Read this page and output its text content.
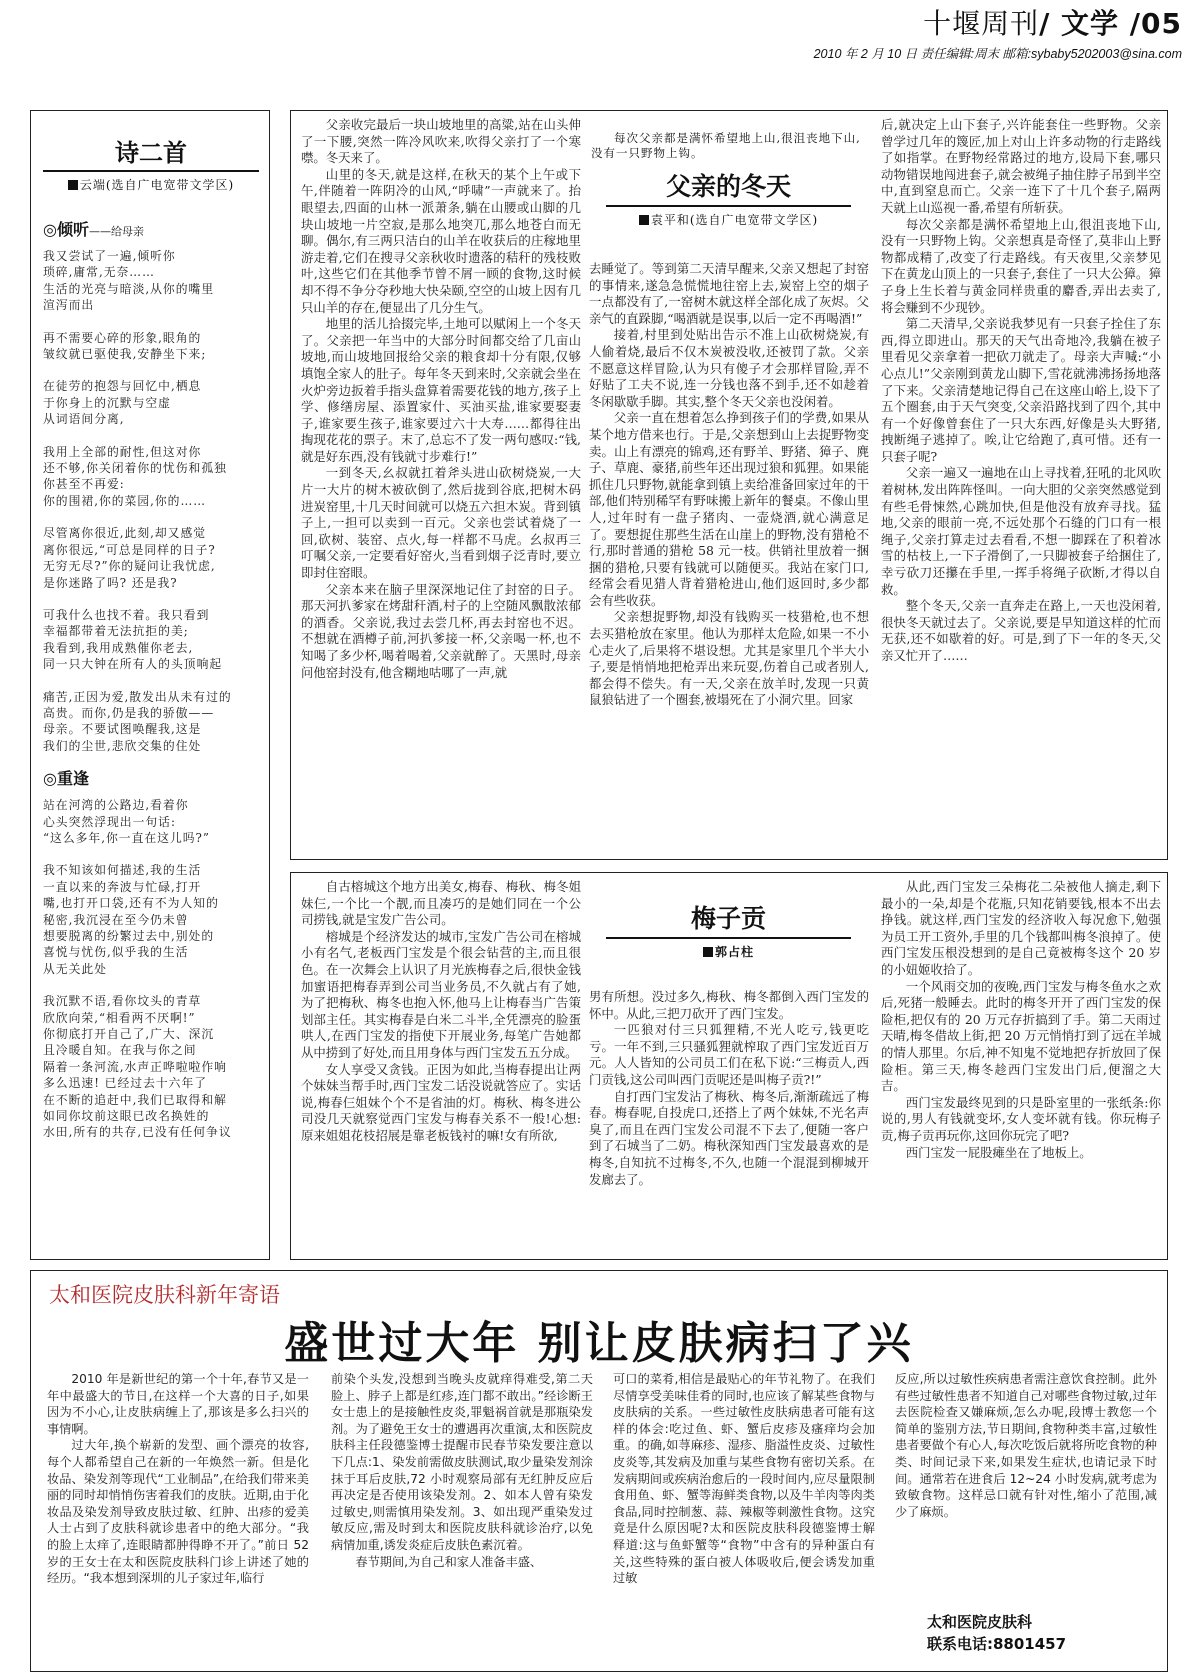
十堰周刊/ 文学 /05
2010 年 2 月 10 日 责任编辑:周末 邮箱:sybaby5202003@sina.com
诗二首
云端(选自广电宽带文学区)
◎倾听——给母亲
我又尝试了一遍,倾听你
琐碎,庸常,无奈……
生活的光亮与暗淡,从你的嘴里
渲泻而出
再不需要心碎的形象,眼角的
皱纹就已驱使我,安静坐下来;
在徒劳的抱怨与回忆中,栖息
于你身上的沉默与空虚
从词语间分离,
我用上全部的耐性,但这对你
还不够,你关闭着你的忧伤和孤独
你甚至不再爱:
你的围裙,你的菜园,你的……
尽管离你很近,此刻,却又感觉
离你很远,“可总是同样的日子?
无穷无尽?”你的疑问让我忧虑,
是你迷路了吗? 还是我?
可我什么也找不着。我只看到
幸福都带着无法抗拒的美;
我看到,我用成熟催你老去,
同一只大钟在所有人的头顶响起
痛苦,正因为爱,散发出从未有过的
高贵。而你,仍是我的骄傲——
母亲。不要试图唤醒我,这是
我们的尘世,悲欣交集的住处
◎重逢
站在河湾的公路边,看着你
心头突然浮现出一句话:
“这么多年,你一直在这儿吗?”
我不知该如何描述,我的生活
一直以来的奔波与忙碌,打开
嘴,也打开口袋,还有不为人知的
秘密,我沉浸在至今仍未曾
想要脱离的纷繁过去中,别处的
喜悦与忧伤,似乎我的生活
从无关此处
我沉默不语,看你坟头的青草
欣欣向荣,“相看两不厌啊!”
你彻底打开自己了,广大、深沉
且冷暖自知。在我与你之间
隔着一条河流,水声正哗啦啦作响
多么迅速! 已经过去十六年了
在不断的追赶中,我们已取得和解
如同你坟前这眼已改名换姓的
水田,所有的共存,已没有任何争议

父亲收完最后一块山坡地里的高粱,站在山头伸了一下腰,突然一阵冷风吹来,吹得父亲打了一个寒噤。冬天来了。

山里的冬天,就是这样,在秋天的某个上午或下午,伴随着一阵阴冷的山风,“呼啸”一声就来了。抬眼望去,四面的山林一派萧条,躺在山腰或山脚的几块山坡地一片空寂,是那么地突兀,那么地苍白而无聊。偶尔,有三两只洁白的山羊在收获后的庄稼地里游走着,它们在搜寻父亲秋收时遗落的秸秆的残枝败叶,这些它们在其他季节曾不屑一顾的食物,这时候却不得不争分夺秒地大快朵颐,空空的山坡上因有几只山羊的存在,便显出了几分生气。

地里的活儿拾掇完毕,土地可以赋闲上一个冬天了。父亲把一年当中的大部分时间都交给了几亩山坡地,而山坡地回报给父亲的粮食却十分有限,仅够填饱全家人的肚子。每年冬天到来时,父亲就会坐在火炉旁边扳着手指头盘算着需要花钱的地方,孩子上学、修缮房屋、添置家什、买油买盐,谁家要娶妻子,谁家要生孩子,谁家要过六十大寿……都得往出掏现花花的票子。末了,总忘不了发一两句感叹:“钱,就是好东西,没有钱就寸步难行!”

一到冬天,幺叔就扛着斧头进山砍树烧炭,一大片一大片的树木被砍倒了,然后拢到谷底,把树木码进炭窑里,十几天时间就可以烧五六担木炭。背到镇子上,一担可以卖到一百元。父亲也尝试着烧了一回,砍树、装窑、点火,每一样都不马虎。幺叔再三叮嘱父亲,一定要看好窑火,当看到烟子泛青时,要立即封住窑眼。

父亲本来在脑子里深深地记住了封窑的日子。那天河扒爹家在烤甜秆酒,村子的上空随风飘散浓郁的酒香。父亲说,我过去尝几杯,再去封窑也不迟。不想就在酒樽子前,河扒爹接一杯,父亲喝一杯,也不知喝了多少杯,喝着喝着,父亲就醉了。天黑时,母亲问他窑封没有,他含糊地咕哪了一声,就

每次父亲都是满怀希望地上山,很沮丧地下山,没有一只野物上钩。
父亲的冬天
袁平和(选自广电宽带文学区)

去睡觉了。等到第二天清早醒来,父亲又想起了封窑的事情来,遂急急慌慌地往窑上去,炭窑上空的烟子一点都没有了,一窑树木就这样全部化成了灰烬。父亲气的直跺脚,“喝酒就是误事,以后一定不再喝酒!”

接着,村里到处贴出告示不准上山砍树烧炭,有人偷着烧,最后不仅木炭被没收,还被罚了款。父亲不愿意这样冒险,认为只有傻子才会那样冒险,弄不好贴了工夫不说,连一分钱也落不到手,还不如趁着冬闲歇歇手脚。其实,整个冬天父亲也没闲着。

父亲一直在想着怎么挣到孩子们的学费,如果从某个地方借来也行。于是,父亲想到山上去捉野物变卖。山上有漂亮的锦鸡,还有野羊、野猪、獐子、麂子、草鹿、豪猪,前些年还出现过狼和狐狸。如果能抓住几只野物,就能拿到镇上卖给准备回家过年的干部,他们特别稀罕有野味搬上新年的餐桌。不像山里人,过年时有一盘子猪肉、一壶烧酒,就心满意足了。要想捉住那些生活在山崖上的野物,没有猎枪不行,那时普通的猎枪 58 元一枝。供销社里放着一捆捆的猎枪,只要有钱就可以随便买。我站在家门口,经常会看见猎人背着猎枪进山,他们返回时,多少都会有些收获。

父亲想捉野物,却没有钱购买一枝猎枪,也不想去买猎枪放在家里。他认为那样太危险,如果一不小心走火了,后果将不堪设想。尤其是家里几个半大小子,要是悄悄地把枪弄出来玩耍,伤着自己或者别人,都会得不偿失。有一天,父亲在放羊时,发现一只黄鼠狼钻进了一个圈套,被塌死在了小洞穴里。回家

后,就决定上山下套子,兴许能套住一些野物。父亲曾学过几年的篾匠,加上对山上许多动物的行走路线了如指掌。在野物经常路过的地方,设局下套,哪只动物错误地闯进套子,就会被绳子抽住脖子吊到半空中,直到窒息而亡。父亲一连下了十几个套子,隔两天就上山巡视一番,希望有所斩获。

每次父亲都是满怀希望地上山,很沮丧地下山,没有一只野物上钩。父亲想真是奇怪了,莫非山上野物都成精了,改变了行走路线。有天夜里,父亲梦见下在黄龙山顶上的一只套子,套住了一只大公獐。獐子身上生长着与黄金同样贵重的麝香,弄出去卖了,将会赚到不少现钞。

第二天清早,父亲说我梦见有一只套子拴住了东西,得立即进山。那天的天气出奇地冷,我躺在被子里看见父亲拿着一把砍刀就走了。母亲大声喊:“小心点儿!”父亲刚到黄龙山脚下,雪花就沸沸扬扬地落了下来。父亲清楚地记得自己在这座山峪上,设下了五个圈套,由于天气突变,父亲沿路找到了四个,其中有一个好像曾套住了一只大东西,好像是头大野猪,拽断绳子逃掉了。唉,让它给跑了,真可惜。还有一只套子呢?

父亲一遍又一遍地在山上寻找着,狂吼的北风吹着树林,发出阵阵怪叫。一向大胆的父亲突然感觉到有些毛骨悚然,心跳加快,但是他没有放弃寻找。猛地,父亲的眼前一亮,不远处那个石缝的门口有一根绳子,父亲打算走过去看看,不想一脚踩在了积着冰雪的枯枝上,一下子滑倒了,一只脚被套子给捆住了,幸亏砍刀还攥在手里,一挥手将绳子砍断,才得以自救。

整个冬天,父亲一直奔走在路上,一天也没闲着,很快冬天就过去了。父亲说,要是早知道这样的忙而无获,还不如歇着的好。可是,到了下一年的冬天,父亲又忙开了……

自古榕城这个地方出美女,梅春、梅秋、梅冬姐妹仨,一个比一个靓,而且凑巧的是她们同在一个公司捞钱,就是宝发广告公司。

榕城是个经济发达的城市,宝发广告公司在榕城小有名气,老板西门宝发是个很会钻营的主,而且很色。在一次舞会上认识了月光族梅春之后,很快金钱加蜜语把梅春弄到公司当业务员,不久就占有了她,为了把梅秋、梅冬也抱入怀,他马上让梅春当广告策划部主任。其实梅春是白米二斗半,全凭漂亮的脸蛋哄人,在西门宝发的指使下开展业务,每笔广告她都从中捞到了好处,而且用身体与西门宝发五五分成。

女人享受又贪钱。正因为如此,当梅春提出让两个妹妹当帮手时,西门宝发二话没说就答应了。实话说,梅春仨姐妹个个不是省油的灯。梅秋、梅冬进公司没几天就察觉西门宝发与梅春关系不一般!心想:原来姐姐花枝招展是靠老板钱衬的嘛!女有所欲,

梅子贡
郭占柱

男有所想。没过多久,梅秋、梅冬都倒入西门宝发的怀中。从此,三把刀砍开了西门宝发。

一匹狼对付三只狐狸精,不光人吃亏,钱更吃亏。一年不到,三只骚狐狸就榨取了西门宝发近百万元。人人皆知的公司员工们在私下说:“三梅贡人,西门贡钱,这公司叫西门贡呢还是叫梅子贡?!”

自打西门宝发沾了梅秋、梅冬后,渐渐疏远了梅春。梅春呢,自投虎口,还搭上了两个妹妹,不光名声臭了,而且在西门宝发公司混不下去了,便随一客户到了石城当了二奶。梅秋深知西门宝发最喜欢的是梅冬,自知抗不过梅冬,不久,也随一个混混到柳城开发廊去了。

从此,西门宝发三朵梅花二朵被他人摘走,剩下最小的一朵,却是个花瓶,只知花销要钱,根本不出去挣钱。就这样,西门宝发的经济收入每况愈下,勉强为员工开工资外,手里的几个钱都叫梅冬浪掉了。使西门宝发压根没想到的是自己竟被梅冬这个 20 岁的小妞姬收拾了。

一个风雨交加的夜晚,西门宝发与梅冬鱼水之欢后,死猪一般睡去。此时的梅冬开开了西门宝发的保险柜,把仅有的 20 万元存折搞到了手。第二天雨过天晴,梅冬借故上街,把 20 万元悄悄打到了远在羊城的情人那里。尔后,神不知鬼不觉地把存折放回了保险柜。第三天,梅冬趁西门宝发出门后,便溜之大吉。

西门宝发最终见到的只是卧室里的一张纸条:你说的,男人有钱就变坏,女人变坏就有钱。你玩梅子贡,梅子贡再玩你,这回你玩完了吧?

西门宝发一屁股瘫坐在了地板上。

太和医院皮肤科新年寄语
盛世过大年 别让皮肤病扫了兴

2010 年是新世纪的第一个十年,春节又是一年中最盛大的节日,在这样一个大喜的日子,如果因为不小心,让皮肤病缠上了,那该是多么扫兴的事情啊。

过大年,换个崭新的发型、画个漂亮的妆容,每个人都希望自己在新的一年焕然一新。但是化妆品、染发剂等现代“工业制品”,在给我们带来美丽的同时却悄悄伤害着我们的皮肤。近期,由于化妆品及染发剂导致皮肤过敏、红肿、出疹的爱美人士占到了皮肤科就诊患者中的绝大部分。“我的脸上太痒了,连眼睛都肿得睁不开了。”前日 52 岁的王女士在太和医院皮肤科门诊上讲述了她的经历。“我本想到深圳的儿子家过年,临行

前染个头发,没想到当晚头皮就痒得难受,第二天脸上、脖子上都是红疹,连门都不敢出。”经诊断王女士患上的是接触性皮炎,罪魁祸首就是那瓶染发剂。为了避免王女士的遭遇再次重演,太和医院皮肤科主任段德鉴博士提醒市民春节染发要注意以下几点:1、染发前需做皮肤测试,取少量染发剂涂抹于耳后皮肤,72 小时观察局部有无红肿反应后再决定是否使用该染发剂。2、如本人曾有染发过敏史,则需慎用染发剂。3、如出现严重染发过敏反应,需及时到太和医院皮肤科就诊治疗,以免病情加重,诱发炎症后皮肤色素沉着。

春节期间,为自己和家人准备丰盛、

可口的菜肴,相信是最贴心的年节礼物了。在我们尽情享受美味佳肴的同时,也应该了解某些食物与皮肤病的关系。一些过敏性皮肤病患者可能有这样的体会:吃过鱼、虾、蟹后皮疹及瘙痒均会加重。的确,如荨麻疹、湿疹、脂溢性皮炎、过敏性皮炎等,其发病及加重与某些食物有密切关系。在发病期间或疾病治愈后的一段时间内,应尽量限制食用鱼、虾、蟹等海鲜类食物,以及牛羊肉等肉类食品,同时控制葱、蒜、辣椒等刺激性食物。这究竟是什么原因呢?太和医院皮肤科段德鉴博士解释道:这与鱼虾蟹等“食物”中含有的异种蛋白有关,这些特殊的蛋白被人体吸收后,便会诱发加重过敏

反应,所以过敏性疾病患者需注意饮食控制。此外有些过敏性患者不知道自己对哪些食物过敏,过年去医院检查又嫌麻烦,怎么办呢,段博士教您一个简单的鉴别方法,节日期间,食物种类丰富,过敏性患者要做个有心人,每次吃饭后就将所吃食物的种类、时间记录下来,如果发生症状,也请记录下时间。通常若在进食后 12~24 小时发病,就考虑为致敏食物。这样忌口就有针对性,缩小了范围,减少了麻烦。

太和医院皮肤科
联系电话:8801457
